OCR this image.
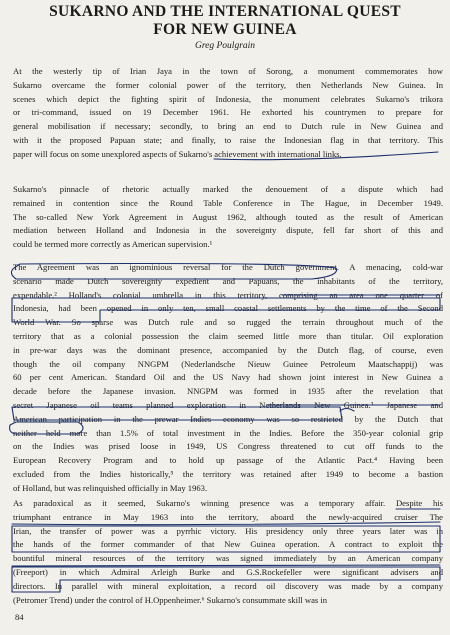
SUKARNO AND THE INTERNATIONAL QUEST
FOR NEW GUINEA
Greg Poulgrain
At the westerly tip of Irian Jaya in the town of Sorong, a monument commemorates how
Sukarno overcame the former colonial power of the territory, then Netherlands New Guinea. In
scenes which depict the fighting spirit of Indonesia, the monument celebrates Sukarno's trikora
or tri-command, issued on 19 December 1961. He exhorted his countrymen to prepare for
general mobilisation if necessary; secondly, to bring an end to Dutch rule in New Guinea and
with it the proposed Papuan state; and finally, to raise the Indonesian flag in that territory. This
paper will focus on some unexplored aspects of Sukarno's achievement with international links.
Sukarno's pinnacle of rhetoric actually marked the denouement of a dispute which had
remained in contention since the Round Table Conference in The Hague, in December 1949.
The so-called New York Agreement in August 1962, although touted as the result of American
mediation between Holland and Indonesia in the sovereignty dispute, fell far short of this and
could be termed more correctly as American supervision.¹
The Agreement was an ignominious reversal for the Dutch government. A menacing, cold-war
scenario made Dutch sovereignty expedient and Papuans, the inhabitants of the territory,
expendable.² Holland's colonial umbrella in this territory, comprising an area one quarter of
Indonesia, had been opened in only ten, small coastal settlements by the time of the Second
World War. So sparse was Dutch rule and so rugged the terrain throughout much of the
territory that as a colonial possession the claim seemed little more than titular. Oil exploration
in pre-war days was the dominant presence, accompanied by the Dutch flag, of course, even
though the oil company NNGPM (Nederlandsche Nieuw Guinee Petroleum Maatschappij) was
60 per cent American. Standard Oil and the US Navy had shown joint interest in New Guinea a
decade before the Japanese invasion. NNGPM was formed in 1935 after the revelation that
secret Japanese oil teams planned exploration in Netherlands New Guinea.³ Japanese and
American participation in the prewar Indies economy was so restricted by the Dutch that
neither held more than 1.5% of total investment in the Indies. Before the 350-year colonial grip
on the Indies was prised loose in 1949, US Congress threatened to cut off funds to the
European Recovery Program and to hold up passage of the Atlantic Pact.⁴ Having been
excluded from the Indies historically,⁵ the territory was retained after 1949 to become a bastion
of Holland, but was relinquished officially in May 1963.
As paradoxical as it seemed, Sukarno's winning presence was a temporary affair. Despite his
triumphant entrance in May 1963 into the territory, aboard the newly-acquired cruiser The
Irian, the transfer of power was a pyrrhic victory. His presidency only three years later was in
the hands of the former commander of that New Guinea operation. A contract to exploit the
bountiful mineral resources of the territory was signed immediately by an American company
(Freeport) in which Admiral Arleigh Burke and G.S.Rockefeller were significant advisers and
directors. In parallel with mineral exploitation, a record oil discovery was made by a company
(Petromer Trend) under the control of H.Oppenheimer.⁶ Sukarno's consummate skill was in
84
